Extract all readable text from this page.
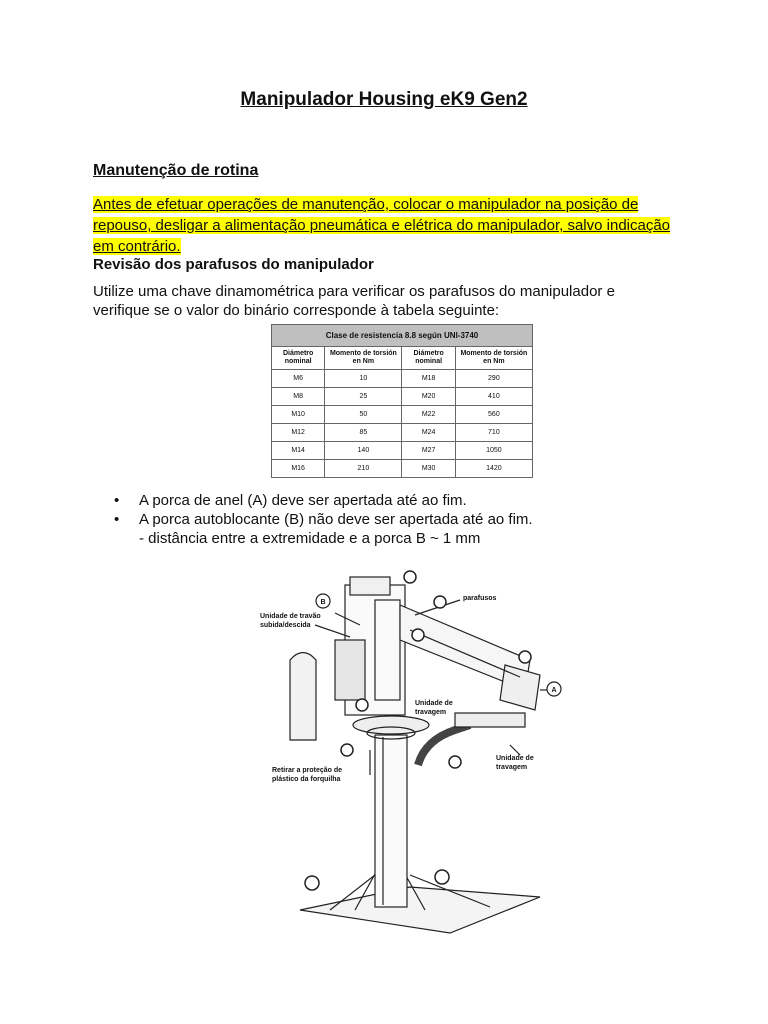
Manipulador Housing eK9 Gen2
Manutenção de rotina

Antes de efetuar operações de manutenção, colocar o manipulador na posição de repouso, desligar a alimentação pneumática e elétrica do manipulador, salvo indicação em contrário.

Revisão dos parafusos do manipulador

Utilize uma chave dinamométrica para verificar os parafusos do manipulador e verifique se o valor do binário corresponde à tabela seguinte:

Clase de resistencia 8.8 según UNI-3740			
Diámetro nominal	Momento de torsión en Nm	Diámetro nominal	Momento de torsión en Nm
M6	10	M18	290
M8	25	M20	410
M10	50	M22	560
M12	85	M24	710
M14	140	M27	1050
M16	210	M30	1420
• A porca de anel (A) deve ser apertada até ao fim.
• A porca autoblocante (B) não deve ser apertada até ao fim.
- distância entre a extremidade e a porca B ~ 1 mm
B
A
parafusos
Unidade de travão
subida/descida
Unidade de
travagem
Unidade de
travagem
Retirar a proteção de
plástico da forquilha
